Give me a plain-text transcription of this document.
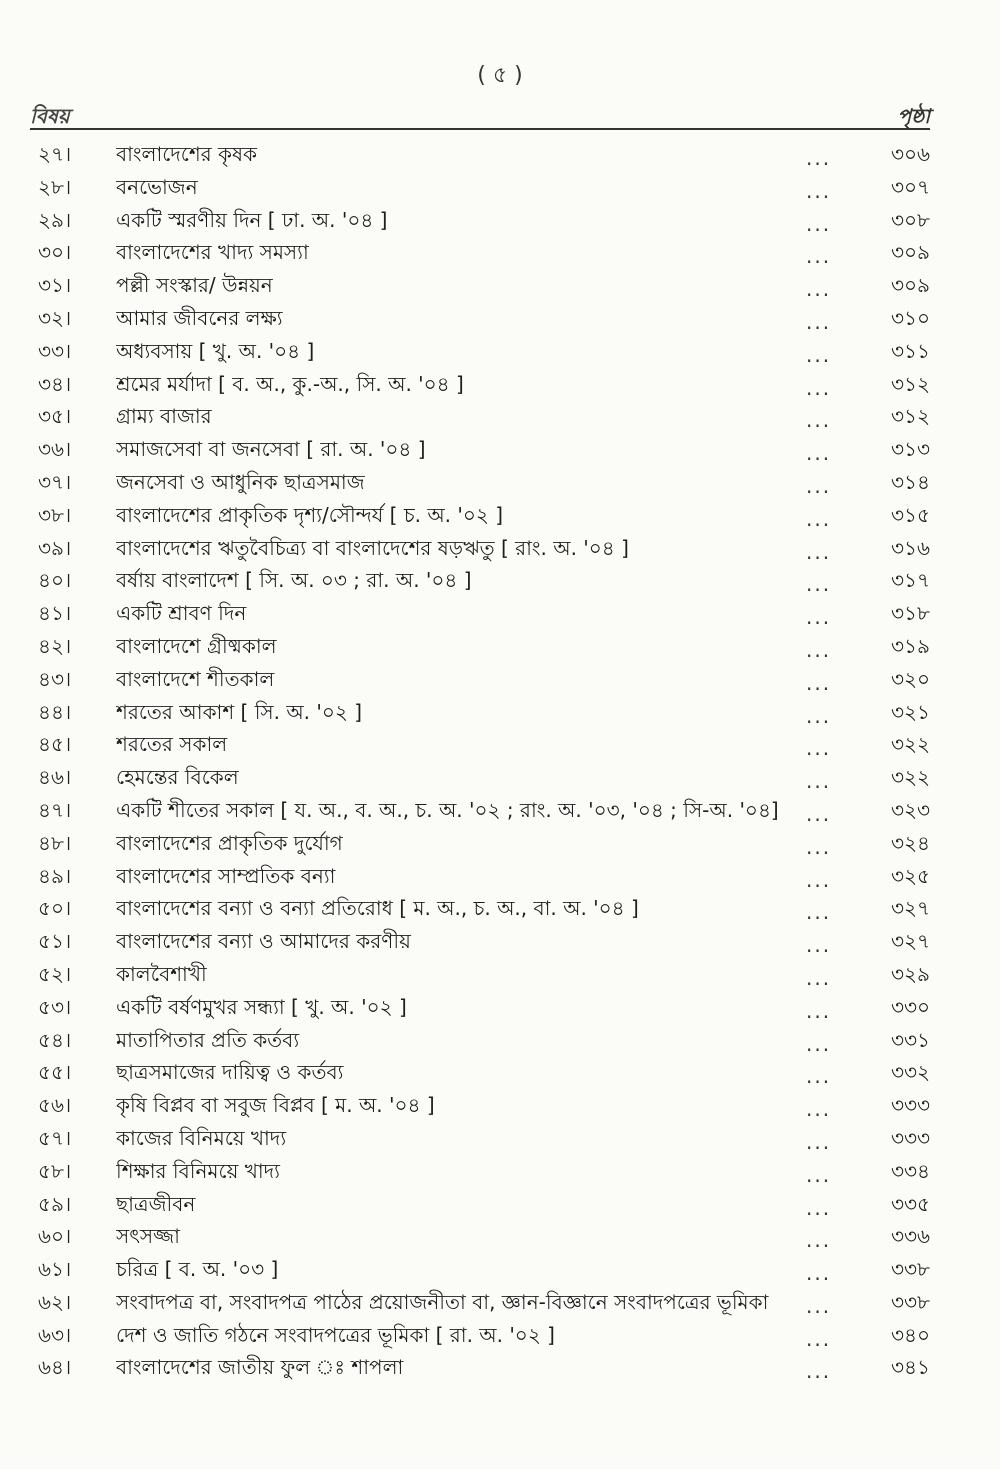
( ৫ )
বিষয়	পৃষ্ঠা
২৭।	বাংলাদেশের কৃষক	...	৩০৬
২৮।	বনভোজন	...	৩০৭
২৯।	একটি স্মরণীয় দিন [ ঢা. অ. '০৪ ]	...	৩০৮
৩০।	বাংলাদেশের খাদ্য সমস্যা	...	৩০৯
৩১।	পল্লী সংস্কার/ উন্নয়ন	...	৩০৯
৩২।	আমার জীবনের লক্ষ্য	...	৩১০
৩৩।	অধ্যবসায় [ খু. অ. '০৪ ]	...	৩১১
৩৪।	শ্রমের মর্যাদা [ ব. অ., কু.-অ., সি. অ. '০৪ ]	...	৩১২
৩৫।	গ্রাম্য বাজার	...	৩১২
৩৬।	সমাজসেবা বা জনসেবা [ রা. অ. '০৪ ]	...	৩১৩
৩৭।	জনসেবা ও আধুনিক ছাত্রসমাজ	...	৩১৪
৩৮।	বাংলাদেশের প্রাকৃতিক দৃশ্য/সৌন্দর্য [ চ. অ. '০২ ]	...	৩১৫
৩৯।	বাংলাদেশের ঋতুবৈচিত্র্য বা বাংলাদেশের ষড়ঋতু [ রাং. অ. '০৪ ]	...	৩১৬
৪০।	বর্ষায় বাংলাদেশ [ সি. অ. ০৩ ; রা. অ. '০৪ ]	...	৩১৭
৪১।	একটি শ্রাবণ দিন	...	৩১৮
৪২।	বাংলাদেশে গ্রীষ্মকাল	...	৩১৯
৪৩।	বাংলাদেশে শীতকাল	...	৩২০
৪৪।	শরতের আকাশ [ সি. অ. '০২ ]	...	৩২১
৪৫।	শরতের সকাল	...	৩২২
৪৬।	হেমন্তের বিকেল	...	৩২২
৪৭।	একটি শীতের সকাল [ য. অ., ব. অ., চ. অ. '০২ ; রাং. অ. '০৩, '০৪ ; সি-অ. '০৪]	...	৩২৩
৪৮।	বাংলাদেশের প্রাকৃতিক দুর্যোগ	...	৩২৪
৪৯।	বাংলাদেশের সাম্প্রতিক বন্যা	...	৩২৫
৫০।	বাংলাদেশের বন্যা ও বন্যা প্রতিরোধ [ ম. অ., চ. অ., বা. অ. '০৪ ]	...	৩২৭
৫১।	বাংলাদেশের বন্যা ও আমাদের করণীয়	...	৩২৭
৫২।	কালবৈশাখী	...	৩২৯
৫৩।	একটি বর্ষণমুখর সন্ধ্যা [ খু. অ. '০২ ]	...	৩৩০
৫৪।	মাতাপিতার প্রতি কর্তব্য	...	৩৩১
৫৫।	ছাত্রসমাজের দায়িত্ব ও কর্তব্য	...	৩৩২
৫৬।	কৃষি বিপ্লব বা সবুজ বিপ্লব [ ম. অ. '০৪ ]	...	৩৩৩
৫৭।	কাজের বিনিময়ে খাদ্য	...	৩৩৩
৫৮।	শিক্ষার বিনিময়ে খাদ্য	...	৩৩৪
৫৯।	ছাত্রজীবন	...	৩৩৫
৬০।	সৎসজ্জা	...	৩৩৬
৬১।	চরিত্র [ ব. অ. '০৩ ]	...	৩৩৮
৬২।	সংবাদপত্র বা, সংবাদপত্র পাঠের প্রয়োজনীতা বা, জ্ঞান-বিজ্ঞানে সংবাদপত্রের ভূমিকা	...	৩৩৮
৬৩।	দেশ ও জাতি গঠনে সংবাদপত্রের ভূমিকা [ রা. অ. '০২ ]	...	৩৪০
৬৪।	বাংলাদেশের জাতীয় ফুল ঃ শাপলা	...	৩৪১
